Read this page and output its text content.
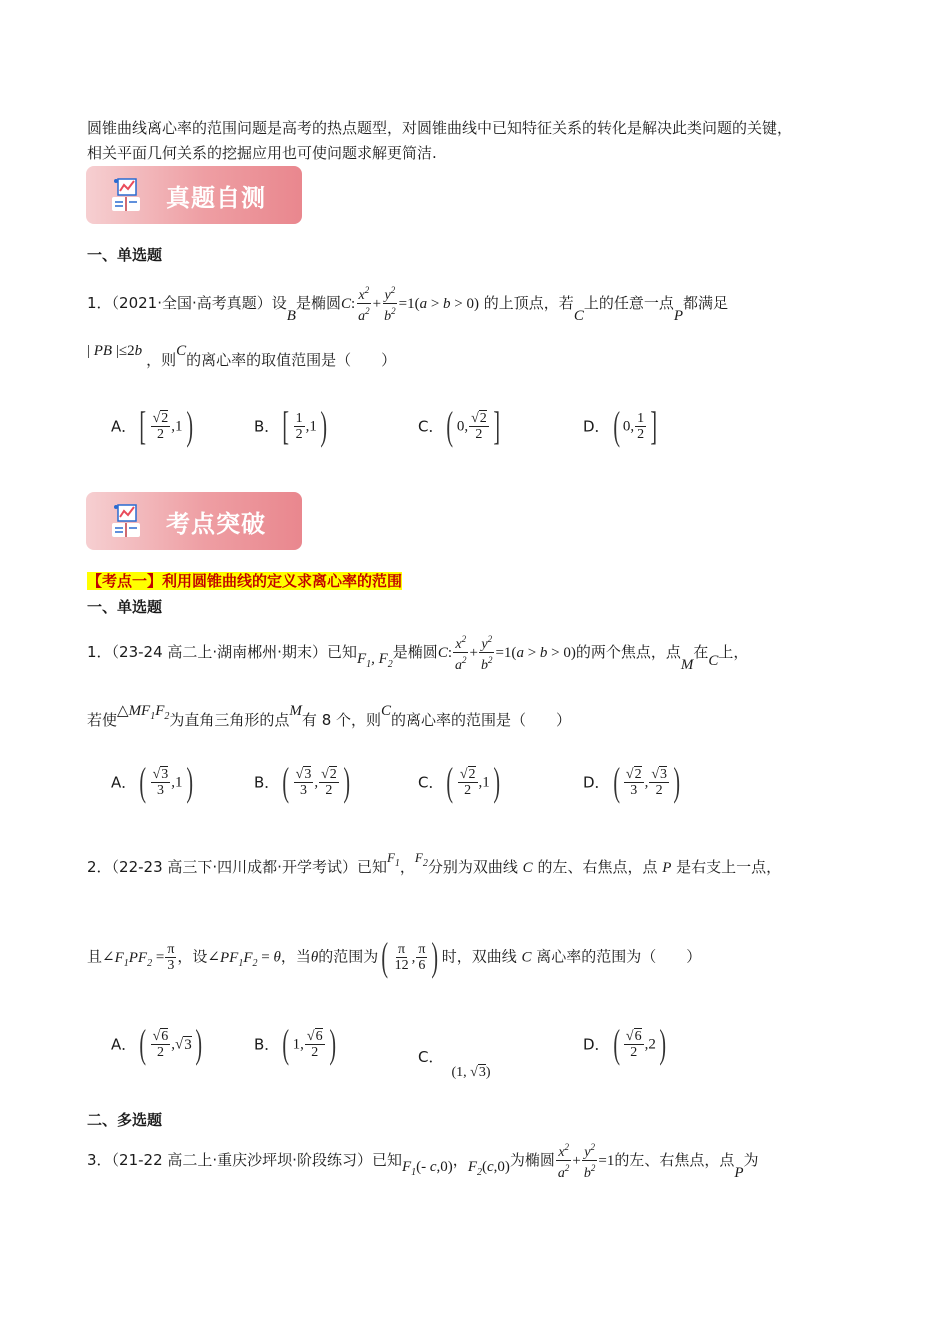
圆锥曲线离心率的范围问题是高考的热点题型，对圆锥曲线中已知特征关系的转化是解决此类问题的关键，
相关平面几何关系的挖掘应用也可使问题求解更简洁.
真题自测
一、单选题
1．（2021·全国·高考真题）设B是椭圆C: $\frac{x^2}{a^2} + \frac{y^2}{b^2} =1(a > b > 0)$ 的上顶点，若C上的任意一点P都满足
| PB |≤2b ，则C的离心率的取值范围是（　　）
A．[ $\frac{√2}{2} ,1$)	B．[ $\frac{1}{2} ,1$)	C．( 0, $\frac{√2}{2}$ ]	D．( 0, $\frac{1}{2}$ ]
考点突破
【考点一】利用圆锥曲线的定义求离心率的范围
一、单选题
1．（23-24 高二上·湖南郴州·期末）已知$F_1$, $F_2$是椭圆C: $\frac{x^2}{a^2} + \frac{y^2}{b^2} =1(a > b > 0)$的两个焦点，点M在C上，
若使$\triangle MF_1F_2$为直角三角形的点M有 8 个，则C的离心率的范围是（　　）
A．( $\frac{√3}{3} ,1$)	B．( $\frac{√3}{3}$ , $\frac{√2}{2}$ )	C．( $\frac{√2}{2} ,1$)	D．( $\frac{√2}{3}$ , $\frac{√3}{2}$ )
2．（22-23 高三下·四川成都·开学考试）已知$F_1$，$F_2$分别为双曲线 C 的左、右焦点，点 P 是右支上一点，
且$\angle F_1PF_2 = \frac{\pi}{3}$ ，设$\angle PF_1F_2 = \theta$，当θ的范围为( $\frac{\pi}{12}$ , $\frac{\pi}{6}$ ) 时，双曲线 C 离心率的范围为（　　）
A．( $\frac{√6}{2} ,√3$)	B．( 1, $\frac{√6}{2}$ )	C．(1, √3)
D．( $\frac{√6}{2} ,2$)
二、多选题
3．（21-22 高二上·重庆沙坪坝·阶段练习）已知$F_1(-$ c,0)，$F_2(c,0)$为椭圆 $\frac{x^2}{a^2} + \frac{y^2}{b^2} =1$的左、右焦点，点P为
